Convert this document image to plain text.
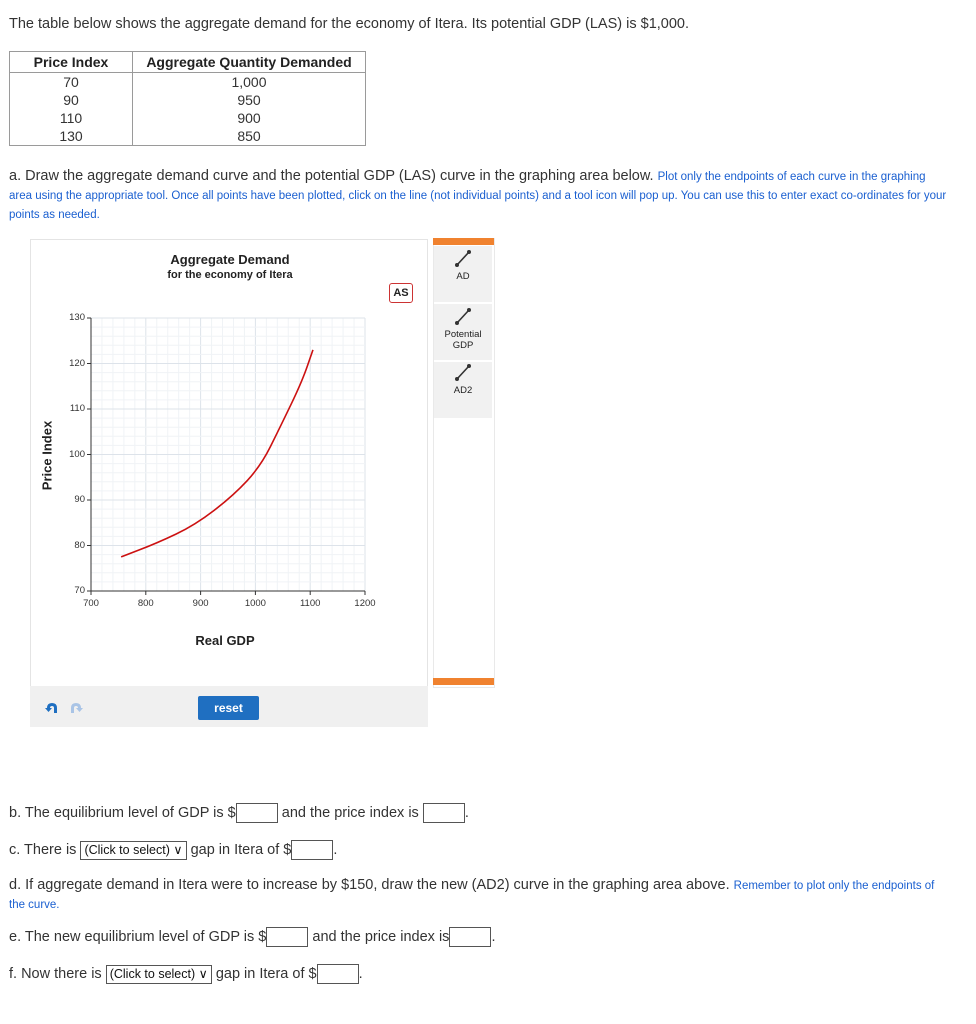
The table below shows the aggregate demand for the economy of Itera. Its potential GDP (LAS) is $1,000.
Price Index	Aggregate Quantity Demanded
70	1,000
90	950
110	900
130	850
a. Draw the aggregate demand curve and the potential GDP (LAS) curve in the graphing area below. Plot only the endpoints of each curve in the graphing area using the appropriate tool. Once all points have been plotted, click on the line (not individual points) and a tool icon will pop up. You can use this to enter exact co-ordinates for your points as needed.
Aggregate Demand
for the economy of Itera
AS
700	800	900	1000	1100	1200
70
80
90
100
110
120
130
Price Index
Real GDP
reset
AD
Potential
GDP
AD2
b. The equilibrium level of GDP is $	and the price index is	.
c. There is (Click to select) ∨ gap in Itera of $	.
d. If aggregate demand in Itera were to increase by $150, draw the new (AD2) curve in the graphing area above. Remember to plot only the endpoints of the curve.
e. The new equilibrium level of GDP is $	and the price index is	.
f. Now there is (Click to select) ∨ gap in Itera of $	.
